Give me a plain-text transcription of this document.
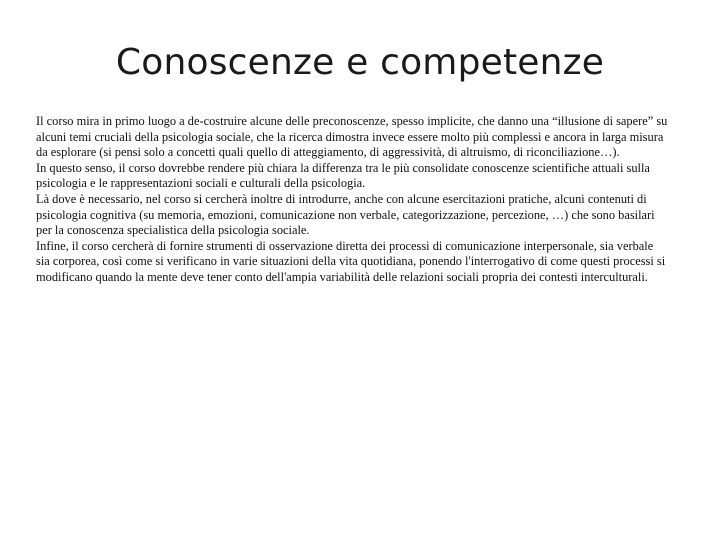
Conoscenze e competenze

Il corso mira in primo luogo a de-costruire alcune delle preconoscenze, spesso implicite, che danno una “illusione di sapere” su alcuni temi cruciali della psicologia sociale, che la ricerca dimostra invece essere molto più complessi e ancora in larga misura da esplorare (si pensi solo a concetti quali quello di atteggiamento, di aggressività, di altruismo, di riconciliazione…).

In questo senso, il corso dovrebbe rendere più chiara la differenza tra le più consolidate conoscenze scientifiche attuali sulla psicologia e le rappresentazioni sociali e culturali della psicologia.

Là dove è necessario, nel corso si cercherà inoltre di introdurre, anche con alcune esercitazioni pratiche, alcuni contenuti di psicologia cognitiva (su memoria, emozioni, comunicazione non verbale, categorizzazione, percezione, …) che sono basilari per la conoscenza specialistica della psicologia sociale.

Infine, il corso cercherà di fornire strumenti di osservazione diretta dei processi di comunicazione interpersonale, sia verbale sia corporea, così come si verificano in varie situazioni della vita quotidiana, ponendo l'interrogativo di come questi processi si modificano quando la mente deve tener conto dell'ampia variabilità delle relazioni sociali propria dei contesti interculturali.
